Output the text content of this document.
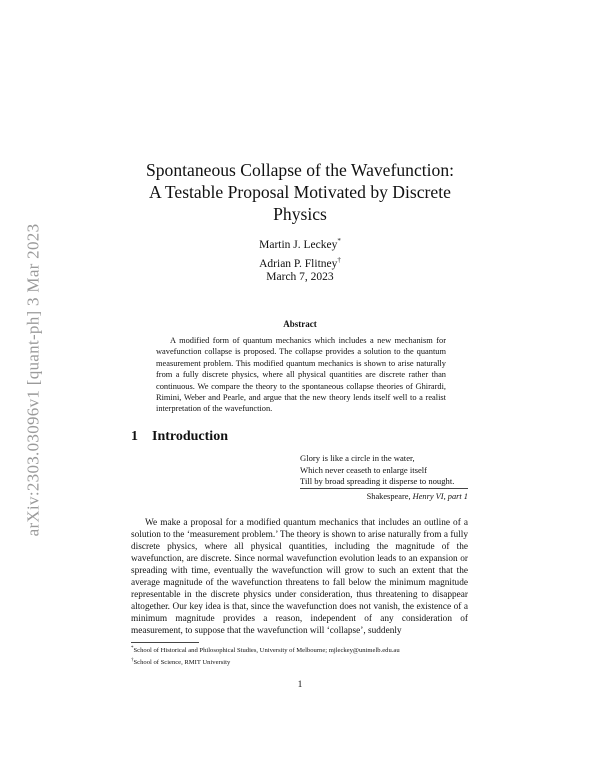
arXiv:2303.03096v1 [quant-ph] 3 Mar 2023
Spontaneous Collapse of the Wavefunction:
A Testable Proposal Motivated by Discrete
Physics
Martin J. Leckey*
Adrian P. Flitney†
March 7, 2023
Abstract
A modified form of quantum mechanics which includes a new mechanism for wavefunction collapse is proposed. The collapse provides a solution to the quantum measurement problem. This modified quantum mechanics is shown to arise naturally from a fully discrete physics, where all physical quantities are discrete rather than continuous. We compare the theory to the spontaneous collapse theories of Ghirardi, Rimini, Weber and Pearle, and argue that the new theory lends itself well to a realist interpretation of the wavefunction.
1 Introduction
Glory is like a circle in the water,
Which never ceaseth to enlarge itself
Till by broad spreading it disperse to nought.
Shakespeare, Henry VI, part 1
We make a proposal for a modified quantum mechanics that includes an outline of a solution to the ‘measurement problem.’ The theory is shown to arise naturally from a fully discrete physics, where all physical quantities, including the magnitude of the wavefunction, are discrete. Since normal wavefunction evolution leads to an expansion or spreading with time, eventually the wavefunction will grow to such an extent that the average magnitude of the wavefunction threatens to fall below the minimum magnitude representable in the discrete physics under consideration, thus threatening to disappear altogether. Our key idea is that, since the wavefunction does not vanish, the existence of a minimum magnitude provides a reason, independent of any consideration of measurement, to suppose that the wavefunction will ‘collapse’, suddenly
*School of Historical and Philosophical Studies, University of Melbourne; mjleckey@unimelb.edu.au
†School of Science, RMIT University
1
